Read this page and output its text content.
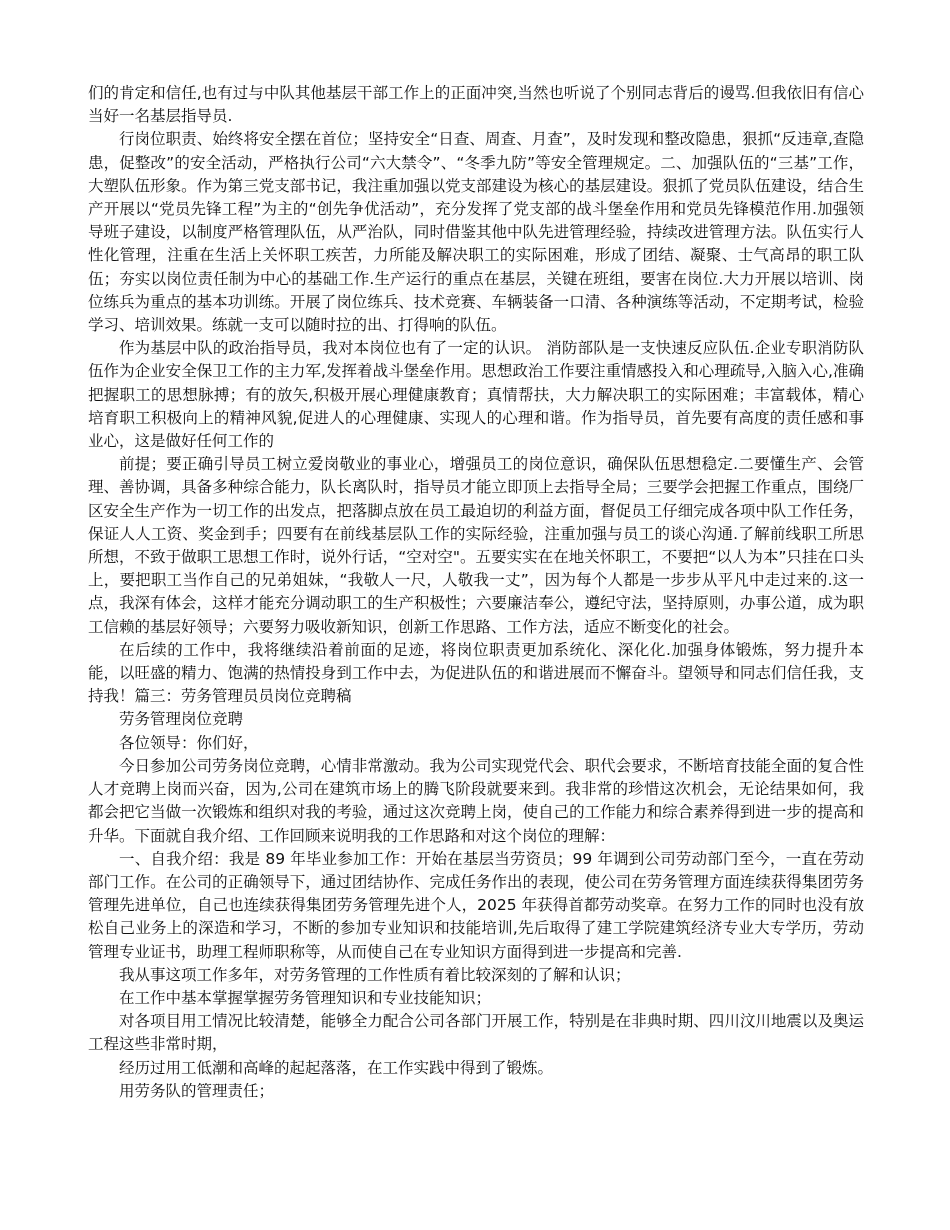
们的肯定和信任,也有过与中队其他基层干部工作上的正面冲突,当然也听说了个别同志背后的谩骂.但我依旧有信心当好一名基层指导员.

行岗位职责、始终将安全摆在首位；坚持安全“日查、周查、月查”，及时发现和整改隐患，狠抓“反违章,查隐患，促整改”的安全活动，严格执行公司“六大禁令”、“冬季九防”等安全管理规定。二、加强队伍的“三基”工作，大塑队伍形象。作为第三党支部书记，我注重加强以党支部建设为核心的基层建设。狠抓了党员队伍建设，结合生产开展以“党员先锋工程”为主的“创先争优活动”，充分发挥了党支部的战斗堡垒作用和党员先锋模范作用.加强领导班子建设，以制度严格管理队伍，从严治队，同时借鉴其他中队先进管理经验，持续改进管理方法。队伍实行人性化管理，注重在生活上关怀职工疾苦，力所能及解决职工的实际困难，形成了团结、凝聚、士气高昂的职工队伍；夯实以岗位责任制为中心的基础工作.生产运行的重点在基层，关键在班组，要害在岗位.大力开展以培训、岗位练兵为重点的基本功训练。开展了岗位练兵、技术竞赛、车辆装备一口清、各种演练等活动，不定期考试，检验学习、培训效果。练就一支可以随时拉的出、打得响的队伍。

作为基层中队的政治指导员，我对本岗位也有了一定的认识。 消防部队是一支快速反应队伍.企业专职消防队伍作为企业安全保卫工作的主力军,发挥着战斗堡垒作用。思想政治工作要注重情感投入和心理疏导,入脑入心,准确把握职工的思想脉搏；有的放矢,积极开展心理健康教育；真情帮扶，大力解决职工的实际困难；丰富载体，精心培育职工积极向上的精神风貌,促进人的心理健康、实现人的心理和谐。作为指导员，首先要有高度的责任感和事业心，这是做好任何工作的

前提；要正确引导员工树立爱岗敬业的事业心，增强员工的岗位意识，确保队伍思想稳定.二要懂生产、会管理、善协调，具备多种综合能力，队长离队时，指导员才能立即顶上去指导全局；三要学会把握工作重点，围绕厂区安全生产作为一切工作的出发点，把落脚点放在员工最迫切的利益方面，督促员工仔细完成各项中队工作任务，保证人人工资、奖金到手；四要有在前线基层队工作的实际经验，注重加强与员工的谈心沟通.了解前线职工所思所想，不致于做职工思想工作时，说外行话，“空对空"。五要实实在在地关怀职工，不要把“以人为本”只挂在口头上，要把职工当作自己的兄弟姐妹，“我敬人一尺，人敬我一丈”，因为每个人都是一步步从平凡中走过来的.这一点，我深有体会，这样才能充分调动职工的生产积极性；六要廉洁奉公，遵纪守法，坚持原则，办事公道，成为职工信赖的基层好领导；六要努力吸收新知识，创新工作思路、工作方法，适应不断变化的社会。

在后续的工作中，我将继续沿着前面的足迹，将岗位职责更加系统化、深化化.加强身体锻炼，努力提升本能，以旺盛的精力、饱满的热情投身到工作中去，为促进队伍的和谐进展而不懈奋斗。望领导和同志们信任我，支持我！篇三：劳务管理员员岗位竞聘稿

劳务管理岗位竞聘

各位领导：你们好，

今日参加公司劳务岗位竞聘，心情非常激动。我为公司实现党代会、职代会要求，不断培育技能全面的复合性人才竞聘上岗而兴奋，因为,公司在建筑市场上的腾飞阶段就要来到。我非常的珍惜这次机会，无论结果如何，我都会把它当做一次锻炼和组织对我的考验，通过这次竞聘上岗，使自己的工作能力和综合素养得到进一步的提高和升华。下面就自我介绍、工作回顾来说明我的工作思路和对这个岗位的理解：

一、自我介绍：我是 89 年毕业参加工作：开始在基层当劳资员；99 年调到公司劳动部门至今，一直在劳动部门工作。在公司的正确领导下，通过团结协作、完成任务作出的表现，使公司在劳务管理方面连续获得集团劳务管理先进单位，自己也连续获得集团劳务管理先进个人，2025 年获得首都劳动奖章。在努力工作的同时也没有放松自己业务上的深造和学习，不断的参加专业知识和技能培训,先后取得了建工学院建筑经济专业大专学历，劳动管理专业证书，助理工程师职称等，从而使自己在专业知识方面得到进一步提高和完善.

我从事这项工作多年，对劳务管理的工作性质有着比较深刻的了解和认识；

在工作中基本掌握掌握劳务管理知识和专业技能知识；

对各项目用工情况比较清楚，能够全力配合公司各部门开展工作，特别是在非典时期、四川汶川地震以及奥运工程这些非常时期，

经历过用工低潮和高峰的起起落落，在工作实践中得到了锻炼。

用劳务队的管理责任；
